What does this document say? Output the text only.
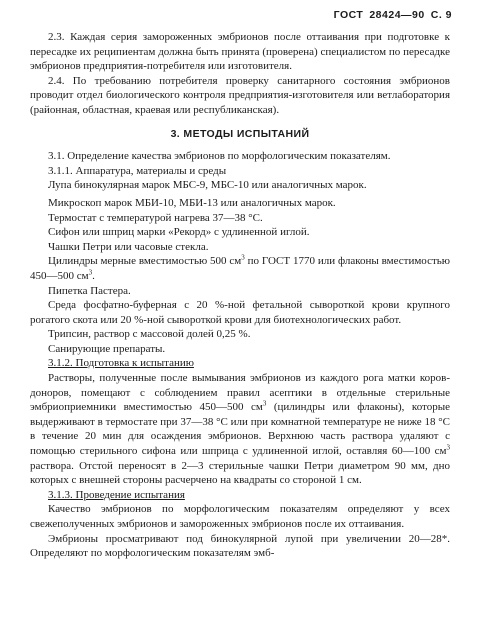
ГОСТ 28424—90 С. 9

2.3. Каждая серия замороженных эмбрионов после оттаивания при подготовке к пересадке их реципиентам должна быть принята (проверена) специалистом по пересадке эмбрионов предприятия-потребителя или изготовителя.

2.4. По требованию потребителя проверку санитарного состояния эмбрионов проводит отдел биологического контроля предприятия-изготовителя или ветлаборатория (районная, областная, краевая или республиканская).

3. МЕТОДЫ ИСПЫТАНИЙ

3.1. Определение качества эмбрионов по морфологическим показателям.

3.1.1. Аппаратура, материалы и среды

Лупа бинокулярная марок МБС-9, МБС-10 или аналогичных марок.

Микроскоп марок МБИ-10, МБИ-13 или аналогичных марок.

Термостат с температурой нагрева 37—38 °С.

Сифон или шприц марки «Рекорд» с удлиненной иглой.

Чашки Петри или часовые стекла.

Цилиндры мерные вместимостью 500 $см^3$ по ГОСТ 1770 или флаконы вместимостью 450—500 $см^3$.

Пипетка Пастера.

Среда фосфатно-буферная с 20 %-ной фетальной сывороткой крови крупного рогатого скота или 20 %-ной сывороткой крови для биотехнологических работ.

Трипсин, раствор с массовой долей 0,25 %.

Санирующие препараты.

3.1.2. Подготовка к испытанию

Растворы, полученные после вымывания эмбрионов из каждого рога матки коров-доноров, помещают с соблюдением правил асептики в отдельные стерильные эмбриоприемники вместимостью 450—500 $см^3$ (цилиндры или флаконы), которые выдерживают в термостате при 37—38 °С или при комнатной температуре не ниже 18 °С в течение 20 мин для осаждения эмбрионов. Верхнюю часть раствора удаляют с помощью стерильного сифона или шприца с удлиненной иглой, оставляя 60—100 $см^3$ раствора. Отстой переносят в 2—3 стерильные чашки Петри диаметром 90 мм, дно которых с внешней стороны расчерчено на квадраты со стороной 1 см.

3.1.3. Проведение испытания

Качество эмбрионов по морфологическим показателям определяют у всех свежеполученных эмбрионов и замороженных эмбрионов после их оттаивания.

Эмбрионы просматривают под бинокулярной лупой при увеличении 20—28*. Определяют по морфологическим показателям эмб-
